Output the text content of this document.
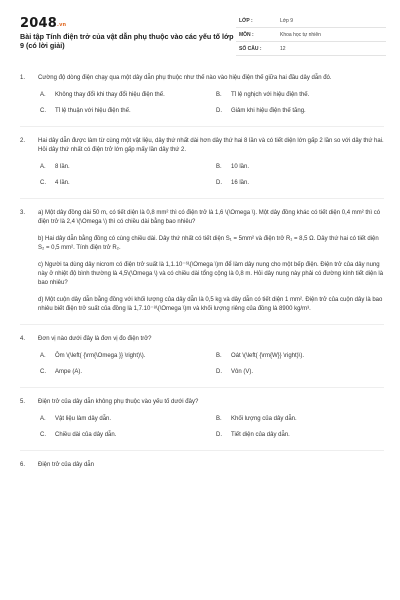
2048.vn
Bài tập Tính điện trở của vật dẫn phụ thuộc vào các yếu tố lớp 9 (có lời giải)
LỚP :	Lớp 9
MÔN :	Khoa học tự nhiên
SỐ CÂU :	12
1. Cường độ dòng điện chạy qua một dây dẫn phụ thuộc như thế nào vào hiệu điện thế giữa hai đầu dây dẫn đó.
A.	Không thay đổi khi thay đổi hiệu điện thế.	B.	Tỉ lệ nghịch với hiệu điện thế.
C.	Tỉ lệ thuận với hiệu điện thế.	D.	Giảm khi hiệu điện thế tăng.
2. Hai dây dẫn được làm từ cùng một vật liệu, dây thứ nhất dài hơn dây thứ hai 8 lần và có tiết diện lớn gấp 2 lần so với dây thứ hai. Hỏi dây thứ nhất có điện trở lớn gấp mấy lần dây thứ 2.
A.	8 lần.	B.	10 lần.
C.	4 lần.	D.	16 lần.
3. a) Một dây đồng dài 50 m, có tiết diện là 0,8 mm² thì có điện trở là 1,6 \(\Omega \). Một dây đồng khác có tiết diện 0,4 mm² thì có điện trở là 2,4 \(\Omega \) thì có chiều dài bằng bao nhiêu?
b) Hai dây dẫn bằng đồng có cùng chiều dài. Dây thứ nhất có tiết diện S₁ = 5mm² và điện trở R₁ = 8,5 Ω. Dây thứ hai có tiết diện S₂ = 0,5 mm². Tính điện trở R₂.
c) Người ta dùng dây nicrom có điện trở suất là 1,1.10⁻⁶\(\Omega \)m để làm dây nung cho một bếp điện. Điện trở của dây nung này ở nhiệt độ bình thường là 4,5\(\Omega \) và có chiều dài tổng cộng là 0,8 m. Hỏi dây nung này phải có đường kính tiết diện là bao nhiêu?
d) Một cuộn dây dẫn bằng đồng với khối lượng của dây dẫn là 0,5 kg và dây dẫn có tiết diện 1 mm². Điện trở của cuộn dây là bao nhiêu biết điện trở suất của đồng là 1,7.10⁻⁸\(\Omega \)m và khối lượng riêng của đồng là 8900 kg/m³.
4. Đơn vị nào dưới đây là đơn vị đo điện trở?
A.	Ôm \(\left( {\rm{\Omega }} \right)\).	B.	Oát \(\left( {\rm{W}} \right)\).
C.	Ampe (A).	D.	Vôn (V).
5. Điện trở của dây dẫn không phụ thuộc vào yếu tố dưới đây?
A.	Vật liệu làm dây dẫn.	B.	Khối lượng của dây dẫn.
C.	Chiều dài của dây dẫn.	D.	Tiết diện của dây dẫn.
6. Điện trở của dây dẫn
